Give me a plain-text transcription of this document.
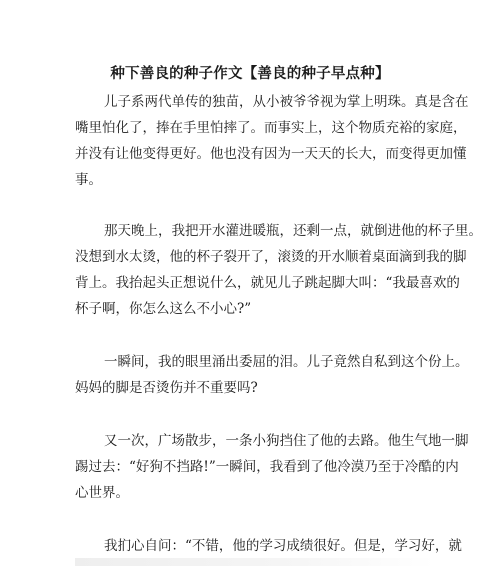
种下善良的种子作文【善良的种子早点种】

儿子系两代单传的独苗，从小被爷爷视为掌上明珠。真是含在

嘴里怕化了，捧在手里怕摔了。而事实上，这个物质充裕的家庭，

并没有让他变得更好。他也没有因为一天天的长大，而变得更加懂

事。

那天晚上，我把开水灌进暖瓶，还剩一点，就倒进他的杯子里。

没想到水太烫，他的杯子裂开了，滚烫的开水顺着桌面滴到我的脚

背上。我抬起头正想说什么，就见儿子跳起脚大叫：“我最喜欢的

杯子啊，你怎么这么不小心?”

一瞬间，我的眼里涌出委屈的泪。儿子竟然自私到这个份上。

妈妈的脚是否烫伤并不重要吗?

又一次，广场散步，一条小狗挡住了他的去路。他生气地一脚

踢过去：“好狗不挡路!”一瞬间，我看到了他冷漠乃至于冷酷的内

心世界。

我扪心自问：“不错，他的学习成绩很好。但是，学习好，就
